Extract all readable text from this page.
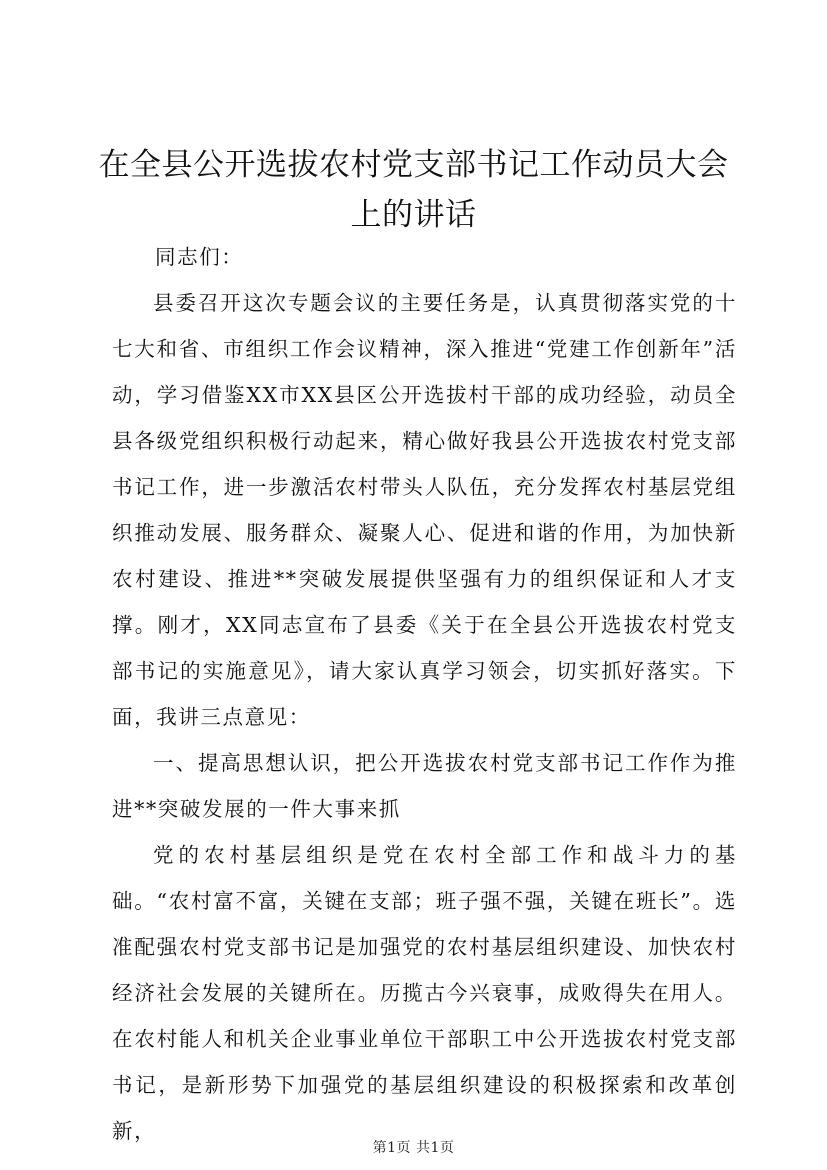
在全县公开选拔农村党支部书记工作动员大会
上的讲话

同志们：

县委召开这次专题会议的主要任务是，认真贯彻落实党的十七大和省、市组织工作会议精神，深入推进“党建工作创新年”活动，学习借鉴XX市XX县区公开选拔村干部的成功经验，动员全县各级党组织积极行动起来，精心做好我县公开选拔农村党支部书记工作，进一步激活农村带头人队伍，充分发挥农村基层党组织推动发展、服务群众、凝聚人心、促进和谐的作用，为加快新农村建设、推进**突破发展提供坚强有力的组织保证和人才支撑。刚才，XX同志宣布了县委《关于在全县公开选拔农村党支部书记的实施意见》，请大家认真学习领会，切实抓好落实。下面，我讲三点意见：

一、提高思想认识，把公开选拔农村党支部书记工作作为推进**突破发展的一件大事来抓

党的农村基层组织是党在农村全部工作和战斗力的基础。“农村富不富，关键在支部；班子强不强，关键在班长”。选准配强农村党支部书记是加强党的农村基层组织建设、加快农村经济社会发展的关键所在。历揽古今兴衰事，成败得失在用人。在农村能人和机关企业事业单位干部职工中公开选拔农村党支部书记，是新形势下加强党的基层组织建设的积极探索和改革创新，

第1页 共1页
